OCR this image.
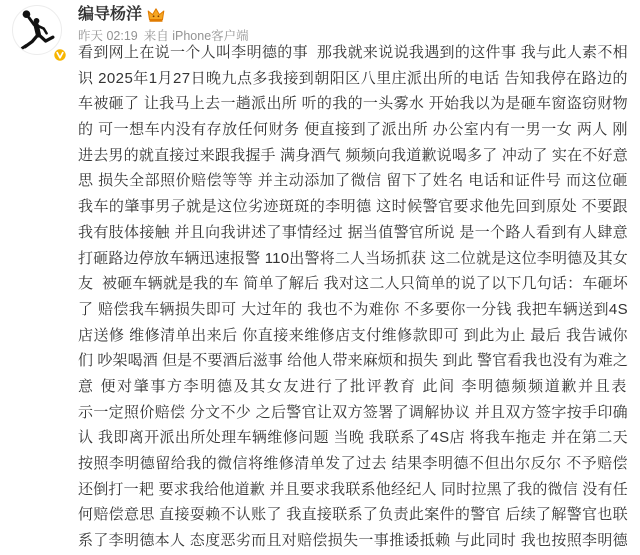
编导杨洋
昨天 02:19 来自 iPhone客户端
看到网上在说一个人叫李明德的事  那我就来说说我遇到的这件事 我与此人素不相
识 2025年1月27日晚九点多我接到朝阳区八里庄派出所的电话 告知我停在路边的
车被砸了 让我马上去一趟派出所 听的我的一头雾水 开始我以为是砸车窗盗窃财物
的 可一想车内没有存放任何财务 便直接到了派出所 办公室内有一男一女 两人 刚
进去男的就直接过来跟我握手 满身酒气 频频向我道歉说喝多了 冲动了 实在不好意
思 损失全部照价赔偿等等 并主动添加了微信 留下了姓名 电话和证件号 而这位砸
我车的肇事男子就是这位劣迹斑斑的李明德 这时候警官要求他先回到原处 不要跟
我有肢体接触 并且向我讲述了事情经过 据当值警官所说 是一个路人看到有人肆意
打砸路边停放车辆迅速报警 110出警将二人当场抓获 这二位就是这位李明德及其女
友  被砸车辆就是我的车 简单了解后 我对这二人只简单的说了以下几句话：车砸坏
了 赔偿我车辆损失即可 大过年的 我也不为难你 不多要你一分钱 我把车辆送到4S
店送修 维修清单出来后 你直接来维修店支付维修款即可 到此为止 最后 我告诫你
们 吵架喝酒 但是不要酒后滋事 给他人带来麻烦和损失 到此 警官看我也没有为难之
意 便对肇事方李明德及其女友进行了批评教育 此间 李明德频频道歉并且表
示一定照价赔偿 分文不少 之后警官让双方签署了调解协议 并且双方签字按手印确
认 我即离开派出所处理车辆维修问题 当晚 我联系了4S店 将我车拖走 并在第二天
按照李明德留给我的微信将维修清单发了过去 结果李明德不但出尔反尔 不予赔偿
还倒打一耙 要求我给他道歉 并且要求我联系他经纪人 同时拉黑了我的微信 没有任
何赔偿意思 直接耍赖不认账了 我直接联系了负责此案件的警官 后续了解警官也联
系了李明德本人 态度恶劣而且对赔偿损失一事推诿抵赖 与此同时 我也按照李明德
